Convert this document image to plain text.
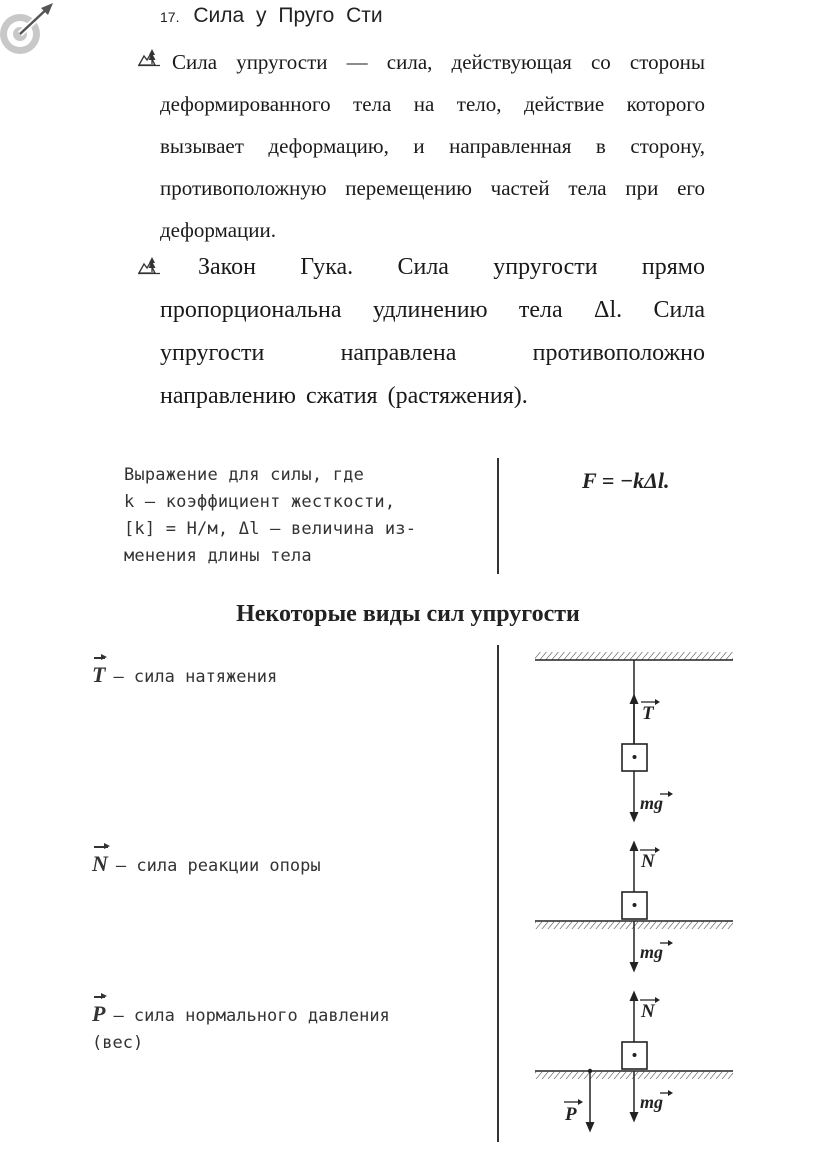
17. Сила у Пруго Сти
Сила упругости — сила, действующая со стороны деформированного тела на тело, действие которого вызывает деформацию, и направленная в сторону, противоположную перемещению частей тела при его деформации.
Закон Гука. Сила упругости прямо пропорциональна удлинению тела Δl. Сила упругости направлена противоположно направлению сжатия (растяжения).
Выражение для силы, где
k — коэффициент жесткости,
[k] = Н/м, Δl — величина из-
менения длины тела
F = −kΔl.
Некоторые виды сил упругости
T — сила натяжения
N — сила реакции опоры
P — сила нормального давления
(вес)
T
mg
N
mg
N
mg
P
